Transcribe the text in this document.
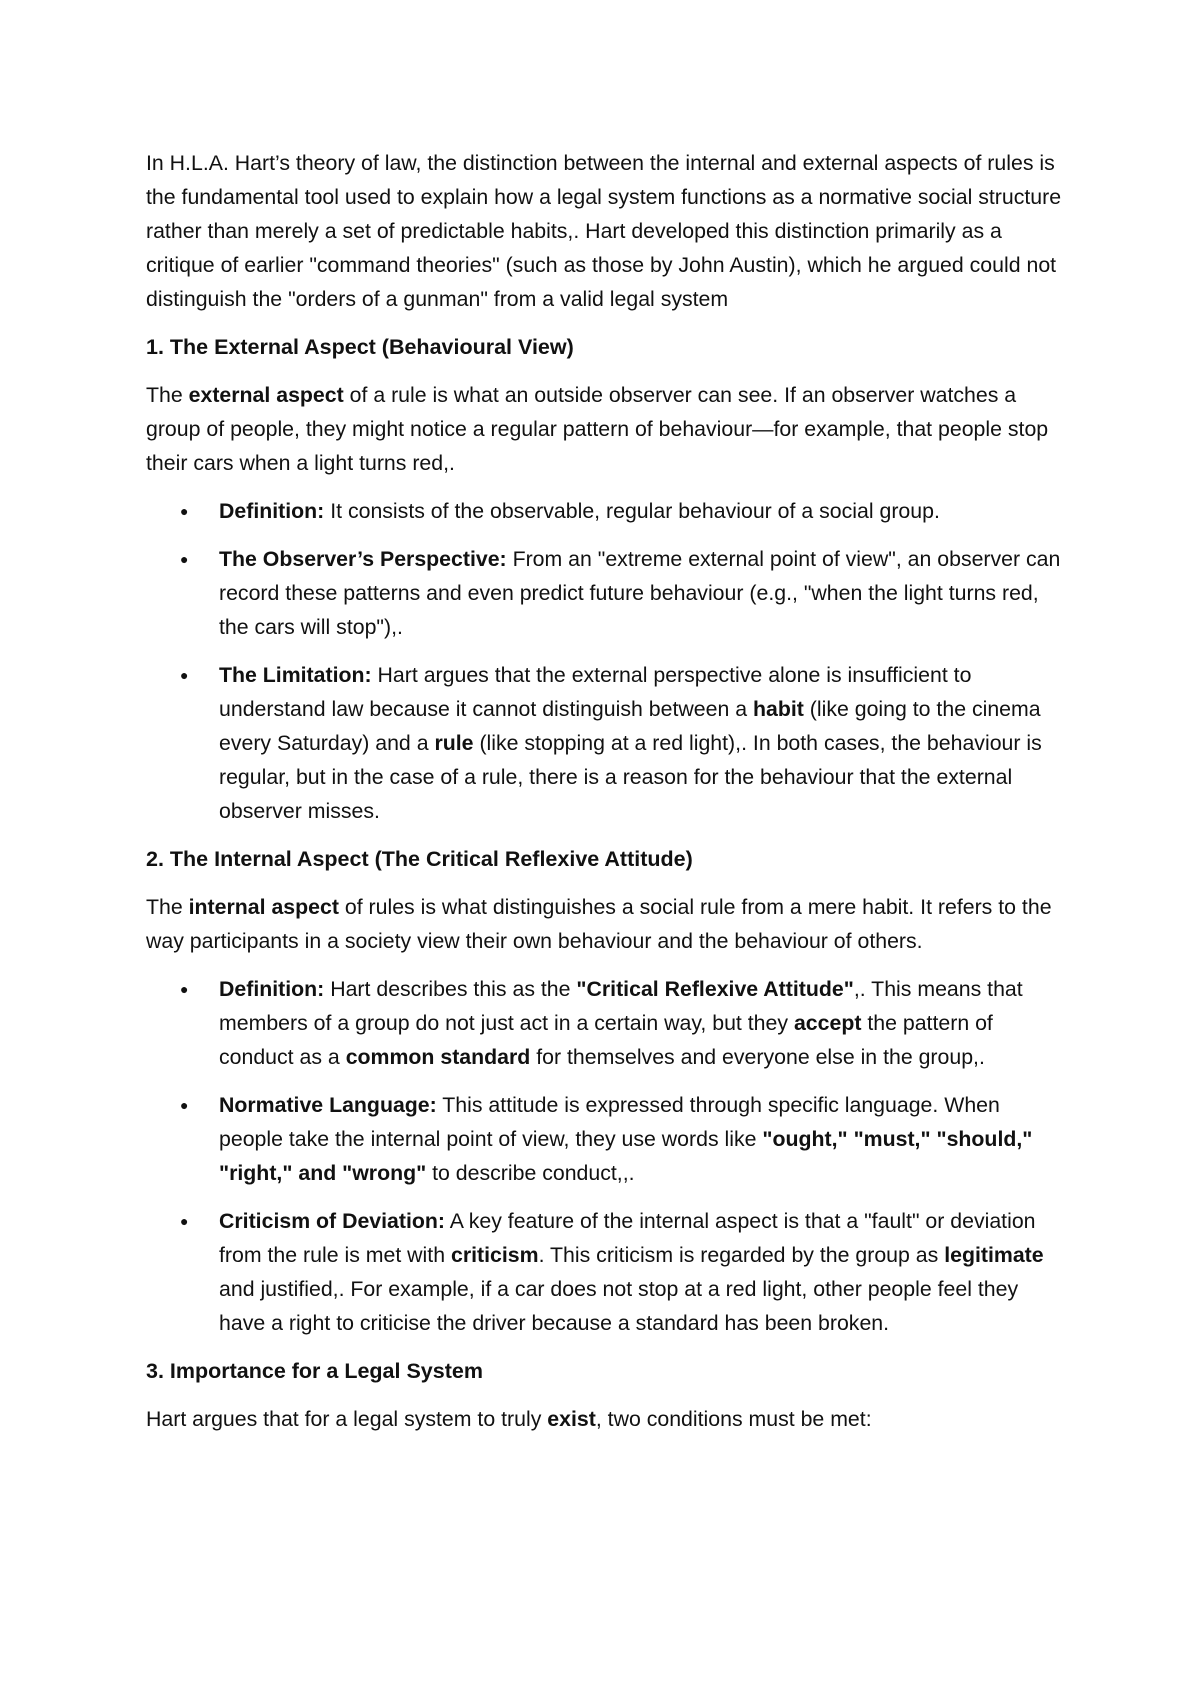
In H.L.A. Hart’s theory of law, the distinction between the internal and external aspects of rules is the fundamental tool used to explain how a legal system functions as a normative social structure rather than merely a set of predictable habits,. Hart developed this distinction primarily as a critique of earlier "command theories" (such as those by John Austin), which he argued could not distinguish the "orders of a gunman" from a valid legal system

1. The External Aspect (Behavioural View)

The external aspect of a rule is what an outside observer can see. If an observer watches a group of people, they might notice a regular pattern of behaviour—for example, that people stop their cars when a light turns red,.

● Definition: It consists of the observable, regular behaviour of a social group.
● The Observer’s Perspective: From an "extreme external point of view", an observer can record these patterns and even predict future behaviour (e.g., "when the light turns red, the cars will stop"),.
● The Limitation: Hart argues that the external perspective alone is insufficient to understand law because it cannot distinguish between a habit (like going to the cinema every Saturday) and a rule (like stopping at a red light),. In both cases, the behaviour is regular, but in the case of a rule, there is a reason for the behaviour that the external observer misses.
2. The Internal Aspect (The Critical Reflexive Attitude)

The internal aspect of rules is what distinguishes a social rule from a mere habit. It refers to the way participants in a society view their own behaviour and the behaviour of others.

● Definition: Hart describes this as the "Critical Reflexive Attitude",. This means that members of a group do not just act in a certain way, but they accept the pattern of conduct as a common standard for themselves and everyone else in the group,.
● Normative Language: This attitude is expressed through specific language. When people take the internal point of view, they use words like "ought," "must," "should," "right," and "wrong" to describe conduct,,.
● Criticism of Deviation: A key feature of the internal aspect is that a "fault" or deviation from the rule is met with criticism. This criticism is regarded by the group as legitimate and justified,. For example, if a car does not stop at a red light, other people feel they have a right to criticise the driver because a standard has been broken.
3. Importance for a Legal System

Hart argues that for a legal system to truly exist, two conditions must be met:
